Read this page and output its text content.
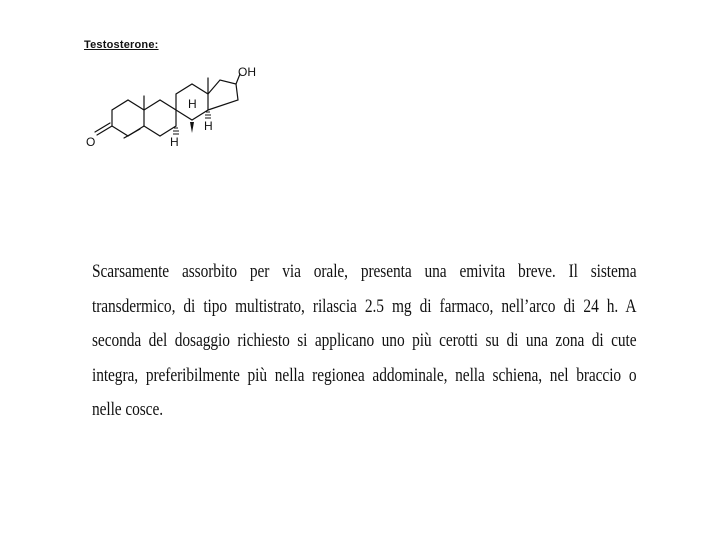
Testosterone:
OH
H
H
H
O
Scarsamente assorbito per via orale, presenta una emivita breve. Il sistema
transdermico, di tipo multistrato, rilascia 2.5 mg di farmaco, nell’arco di 24 h. A
seconda del dosaggio richiesto si applicano uno più cerotti su di una zona di cute
integra, preferibilmente più nella regionea addominale, nella schiena, nel braccio o
nelle cosce.
